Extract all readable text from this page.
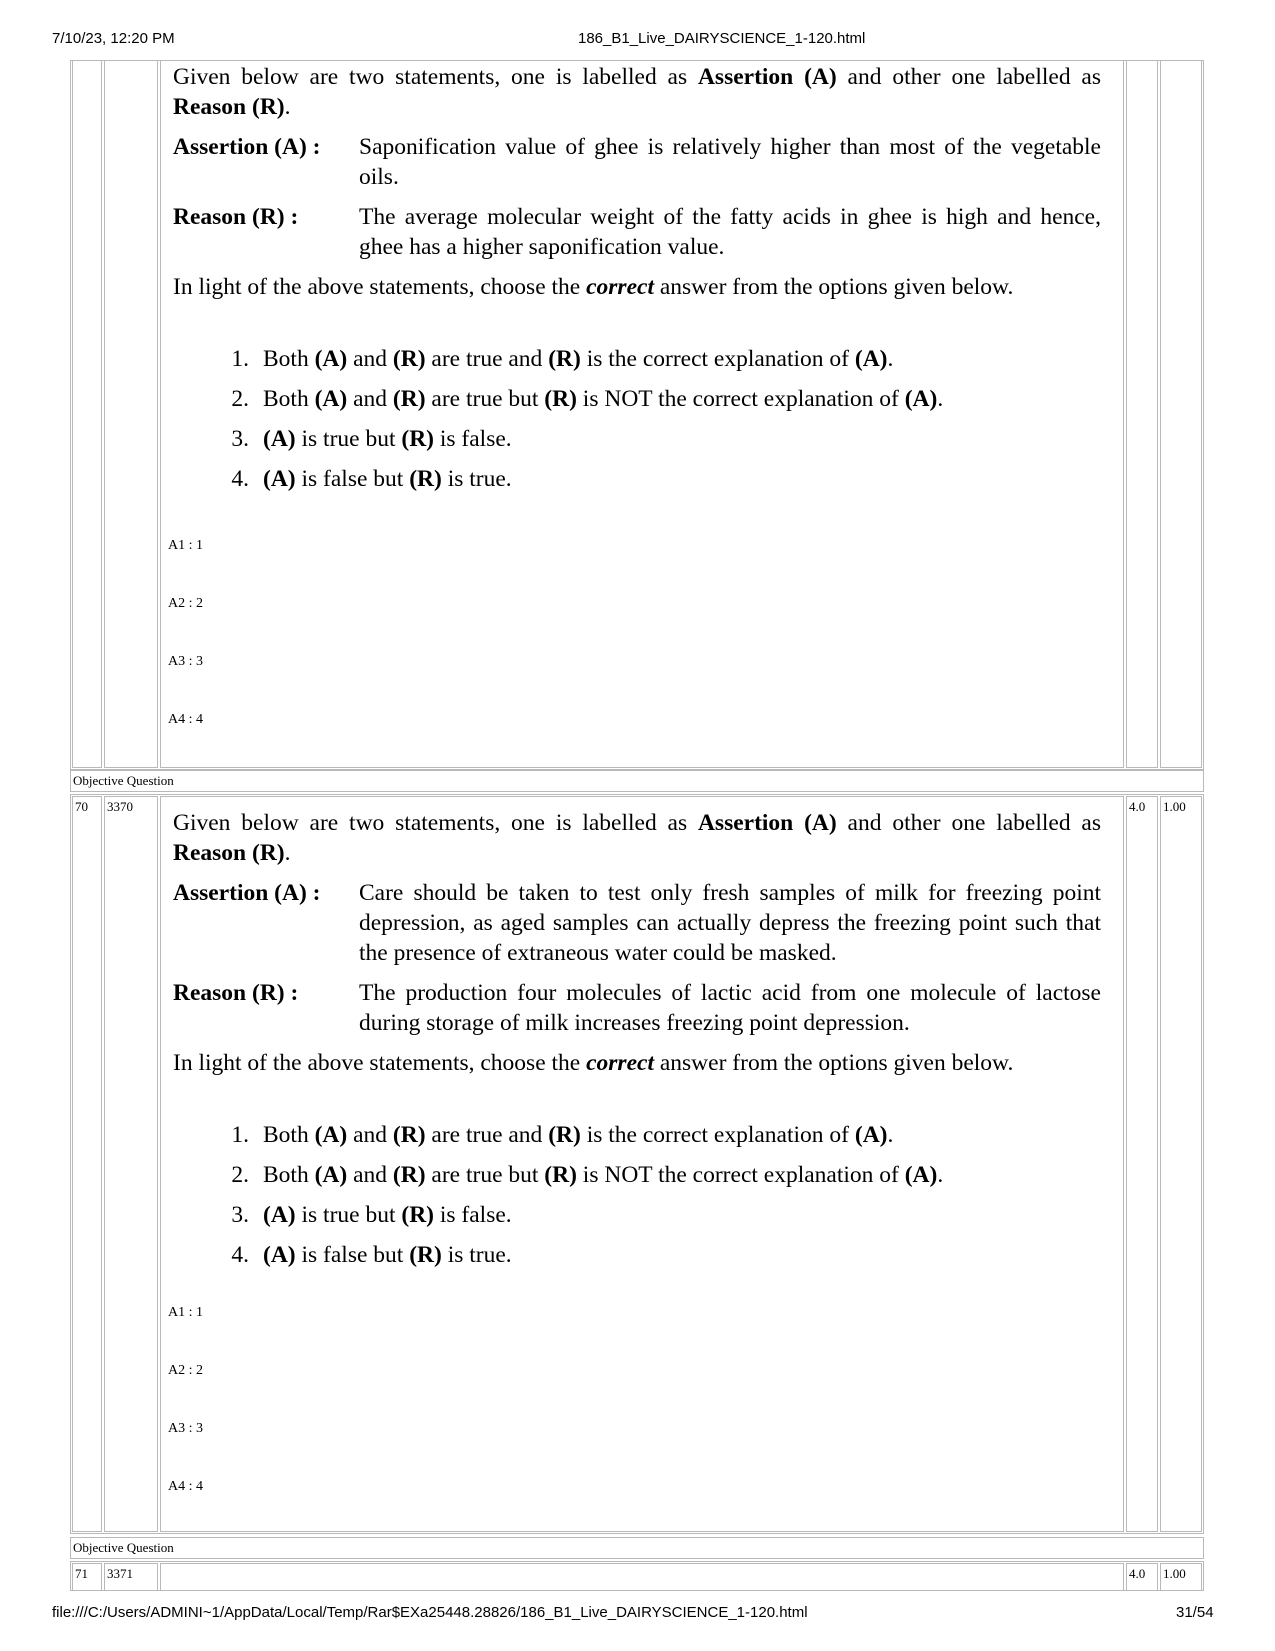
7/10/23, 12:20 PM	186_B1_Live_DAIRYSCIENCE_1-120.html
file:///C:/Users/ADMINI~1/AppData/Local/Temp/Rar$EXa25448.28826/186_B1_Live_DAIRYSCIENCE_1-120.html	31/54

Given below are two statements, one is labelled as Assertion (A) and other one labelled as Reason (R).

Assertion (A) :	Saponification value of ghee is relatively higher than most of the vegetable oils.
Reason (R) :	The average molecular weight of the fatty acids in ghee is high and hence, ghee has a higher saponification value.

In light of the above statements, choose the correct answer from the options given below.

1. Both (A) and (R) are true and (R) is the correct explanation of (A).
2. Both (A) and (R) are true but (R) is NOT the correct explanation of (A).
3. (A) is true but (R) is false.
4. (A) is false but (R) is true.
A1 : 1
A2 : 2
A3 : 3
A4 : 4
Objective Question
70 3370	4.0 1.00

Given below are two statements, one is labelled as Assertion (A) and other one labelled as Reason (R).

Assertion (A) :	Care should be taken to test only fresh samples of milk for freezing point depression, as aged samples can actually depress the freezing point such that the presence of extraneous water could be masked.
Reason (R) :	The production four molecules of lactic acid from one molecule of lactose during storage of milk increases freezing point depression.

In light of the above statements, choose the correct answer from the options given below.

1. Both (A) and (R) are true and (R) is the correct explanation of (A).
2. Both (A) and (R) are true but (R) is NOT the correct explanation of (A).
3. (A) is true but (R) is false.
4. (A) is false but (R) is true.
A1 : 1
A2 : 2
A3 : 3
A4 : 4
Objective Question
71 3371	4.0 1.00
